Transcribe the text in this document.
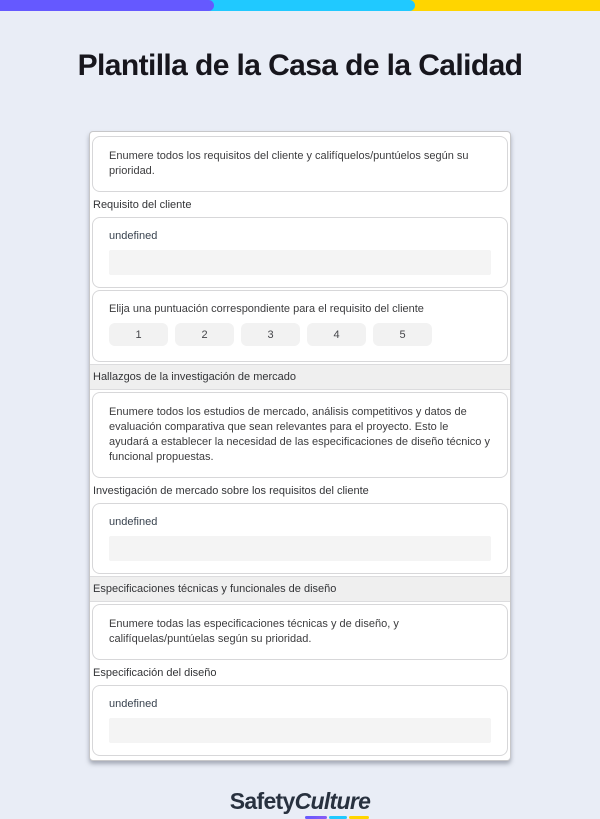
Plantilla de la Casa de la Calidad

Enumere todos los requisitos del cliente y califíquelos/puntúelos según su prioridad.

Requisito del cliente
undefined
Elija una puntuación correspondiente para el requisito del cliente
1	2	3	4	5
Hallazgos de la investigación de mercado

Enumere todos los estudios de mercado, análisis competitivos y datos de evaluación comparativa que sean relevantes para el proyecto. Esto le ayudará a establecer la necesidad de las especificaciones de diseño técnico y funcional propuestas.

Investigación de mercado sobre los requisitos del cliente
undefined
Especificaciones técnicas y funcionales de diseño

Enumere todas las especificaciones técnicas y de diseño, y califíquelas/puntúelas según su prioridad.

Especificación del diseño
undefined
SafetyCulture
